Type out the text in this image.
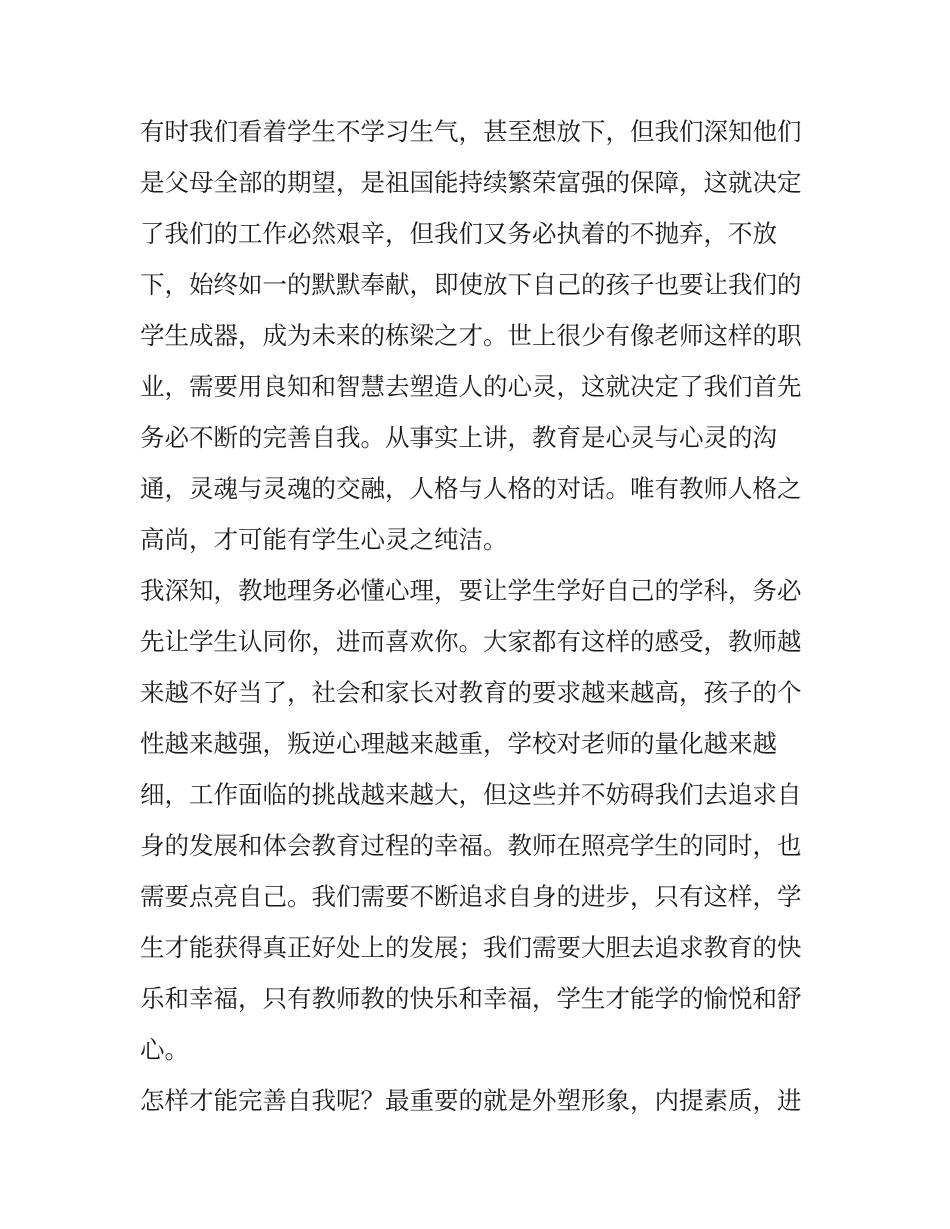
有时我们看着学生不学习生气，甚至想放下，但我们深知他们
是父母全部的期望，是祖国能持续繁荣富强的保障，这就决定
了我们的工作必然艰辛，但我们又务必执着的不抛弃，不放
下，始终如一的默默奉献，即使放下自己的孩子也要让我们的
学生成器，成为未来的栋梁之才。世上很少有像老师这样的职
业，需要用良知和智慧去塑造人的心灵，这就决定了我们首先
务必不断的完善自我。从事实上讲，教育是心灵与心灵的沟
通，灵魂与灵魂的交融，人格与人格的对话。唯有教师人格之
高尚，才可能有学生心灵之纯洁。
我深知，教地理务必懂心理，要让学生学好自己的学科，务必
先让学生认同你，进而喜欢你。大家都有这样的感受，教师越
来越不好当了，社会和家长对教育的要求越来越高，孩子的个
性越来越强，叛逆心理越来越重，学校对老师的量化越来越
细，工作面临的挑战越来越大，但这些并不妨碍我们去追求自
身的发展和体会教育过程的幸福。教师在照亮学生的同时，也
需要点亮自己。我们需要不断追求自身的进步，只有这样，学
生才能获得真正好处上的发展；我们需要大胆去追求教育的快
乐和幸福，只有教师教的快乐和幸福，学生才能学的愉悦和舒
心。
怎样才能完善自我呢？最重要的就是外塑形象，内提素质，进
